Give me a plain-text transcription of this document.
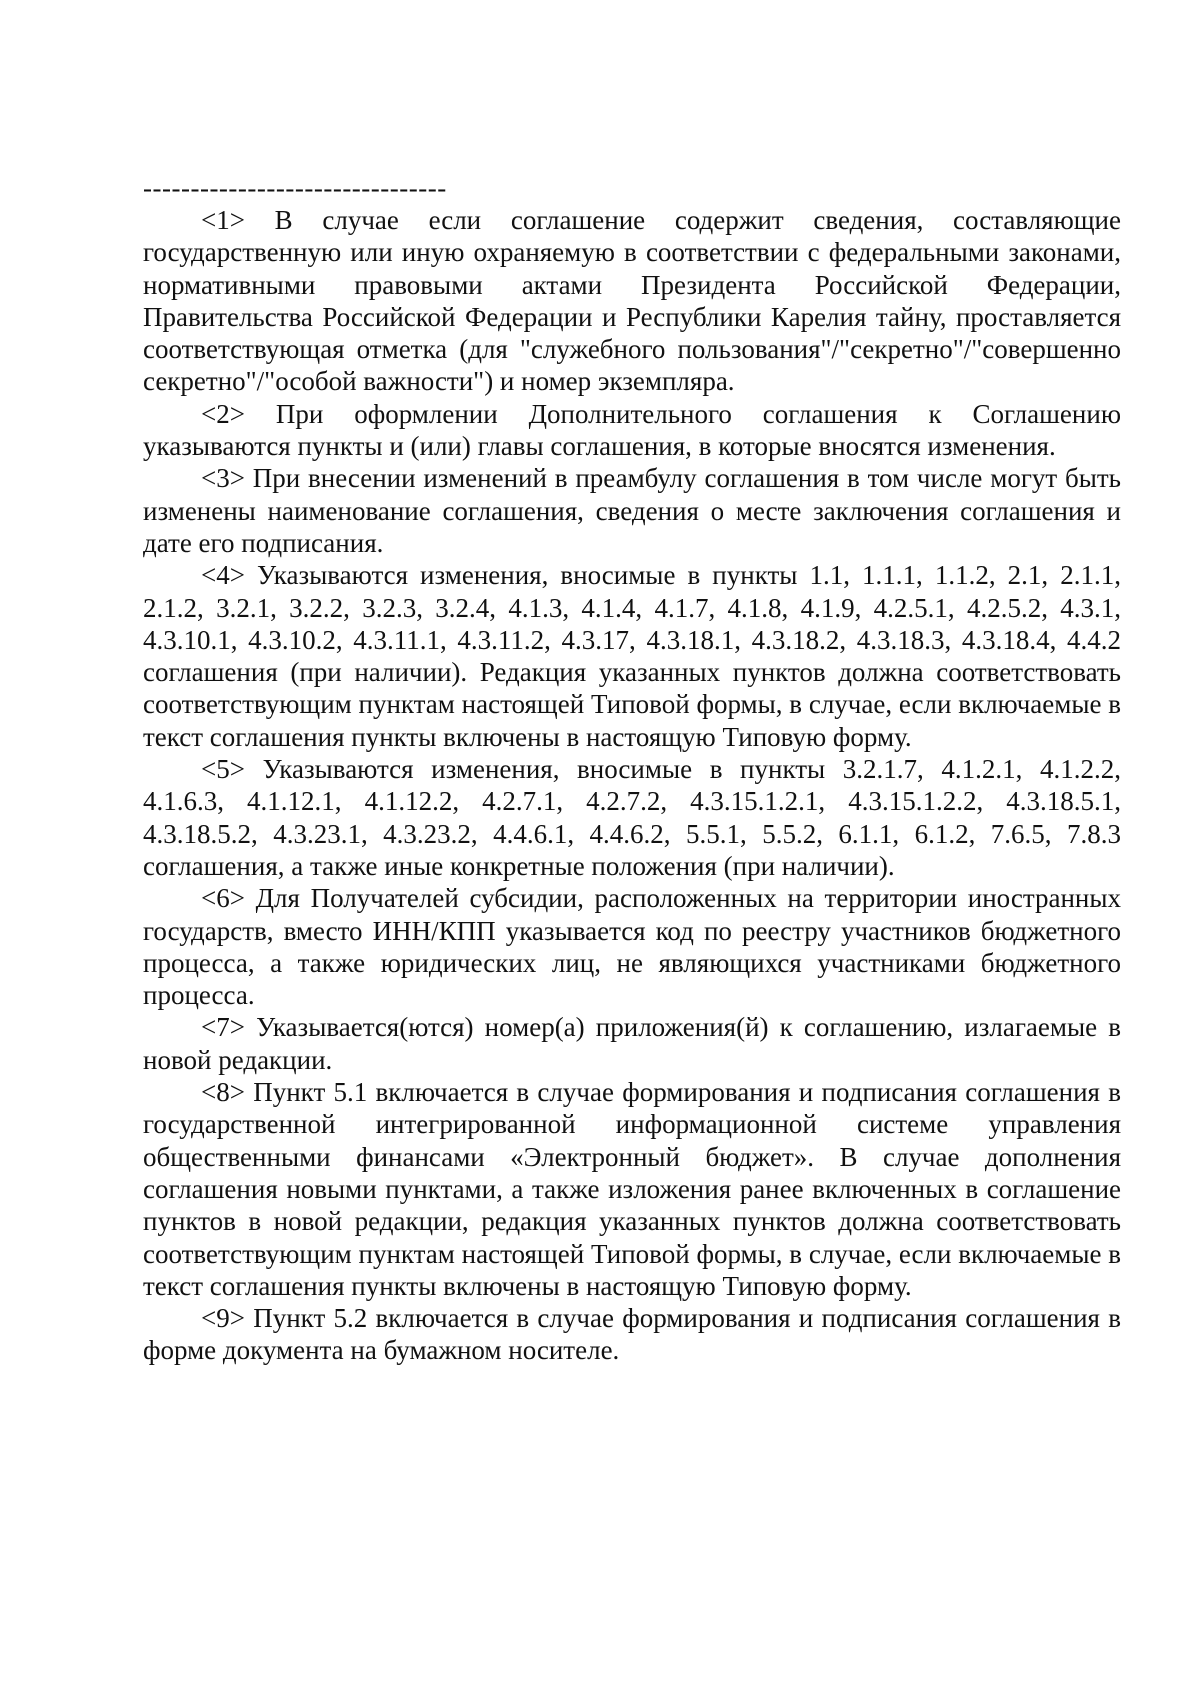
--------------------------------

<1> В случае если соглашение содержит сведения, составляющие государственную или иную охраняемую в соответствии с федеральными законами, нормативными правовыми актами Президента Российской Федерации, Правительства Российской Федерации и Республики Карелия тайну, проставляется соответствующая отметка (для "служебного пользования"/"секретно"/"совершенно секретно"/"особой важности") и номер экземпляра.

<2> При оформлении Дополнительного соглашения к Соглашению указываются пункты и (или) главы соглашения, в которые вносятся изменения.

<3> При внесении изменений в преамбулу соглашения в том числе могут быть изменены наименование соглашения, сведения о месте заключения соглашения и дате его подписания.

<4> Указываются изменения, вносимые в пункты 1.1, 1.1.1, 1.1.2, 2.1, 2.1.1, 2.1.2, 3.2.1, 3.2.2, 3.2.3, 3.2.4, 4.1.3, 4.1.4, 4.1.7, 4.1.8, 4.1.9, 4.2.5.1, 4.2.5.2, 4.3.1, 4.3.10.1, 4.3.10.2, 4.3.11.1, 4.3.11.2, 4.3.17, 4.3.18.1, 4.3.18.2, 4.3.18.3, 4.3.18.4, 4.4.2 соглашения (при наличии). Редакция указанных пунктов должна соответствовать соответствующим пунктам настоящей Типовой формы, в случае, если включаемые в текст соглашения пункты включены в настоящую Типовую форму.

<5> Указываются изменения, вносимые в пункты 3.2.1.7, 4.1.2.1, 4.1.2.2, 4.1.6.3, 4.1.12.1, 4.1.12.2, 4.2.7.1, 4.2.7.2, 4.3.15.1.2.1, 4.3.15.1.2.2, 4.3.18.5.1, 4.3.18.5.2, 4.3.23.1, 4.3.23.2, 4.4.6.1, 4.4.6.2, 5.5.1, 5.5.2, 6.1.1, 6.1.2, 7.6.5, 7.8.3 соглашения, а также иные конкретные положения (при наличии).

<6> Для Получателей субсидии, расположенных на территории иностранных государств, вместо ИНН/КПП указывается код по реестру участников бюджетного процесса, а также юридических лиц, не являющихся участниками бюджетного процесса.

<7> Указывается(ются) номер(а) приложения(й) к соглашению, излагаемые в новой редакции.

<8> Пункт 5.1 включается в случае формирования и подписания соглашения в государственной интегрированной информационной системе управления общественными финансами «Электронный бюджет». В случае дополнения соглашения новыми пунктами, а также изложения ранее включенных в соглашение пунктов в новой редакции, редакция указанных пунктов должна соответствовать соответствующим пунктам настоящей Типовой формы, в случае, если включаемые в текст соглашения пункты включены в настоящую Типовую форму.

<9> Пункт 5.2 включается в случае формирования и подписания соглашения в форме документа на бумажном носителе.
